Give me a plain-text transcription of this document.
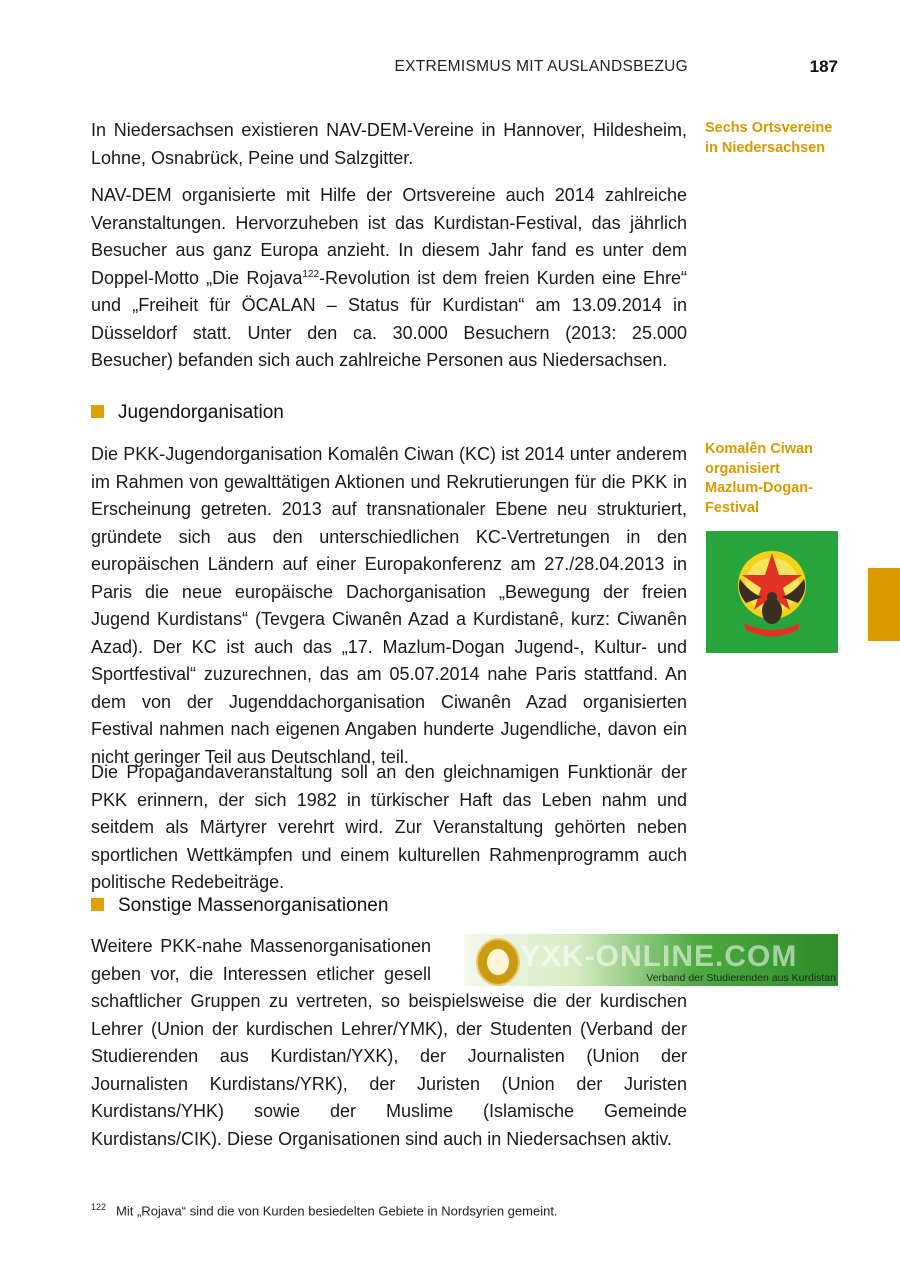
EXTREMISMUS MIT AUSLANDSBEZUG	187

In Niedersachsen existieren NAV-DEM-Vereine in Hannover, Hildesheim, Lohne, Osnabrück, Peine und Salzgitter.

NAV-DEM organisierte mit Hilfe der Ortsvereine auch 2014 zahlreiche Veranstaltungen. Hervorzuheben ist das Kurdistan-Festival, das jährlich Besucher aus ganz Europa anzieht. In diesem Jahr fand es unter dem Doppel-Motto „Die Rojava$^{122}$-Revolution ist dem freien Kurden eine Ehre“ und „Freiheit für ÖCALAN – Status für Kurdistan“ am 13.09.2014 in Düsseldorf statt. Unter den ca. 30.000 Besuchern (2013: 25.000 Besucher) befanden sich auch zahlreiche Personen aus Niedersachsen.

Jugendorganisation

Die PKK-Jugendorganisation Komalên Ciwan (KC) ist 2014 unter anderem im Rahmen von gewalttätigen Aktionen und Rekrutierungen für die PKK in Erscheinung getreten. 2013 auf transnationaler Ebene neu strukturiert, gründete sich aus den unterschiedlichen KC-Vertretungen in den europäischen Ländern auf einer Europakonferenz am 27./28.04.2013 in Paris die neue europäische Dachorganisation „Bewegung der freien Jugend Kurdistans“ (Tevgera Ciwanên Azad a Kurdistanê, kurz: Ciwanên Azad). Der KC ist auch das „17. Mazlum-Dogan Jugend-, Kultur- und Sportfestival“ zuzurechnen, das am 05.07.2014 nahe Paris stattfand. An dem von der Jugenddachorganisation Ciwanên Azad organisierten Festival nahmen nach eigenen Angaben hunderte Jugendliche, davon ein nicht geringer Teil aus Deutschland, teil.

Die Propagandaveranstaltung soll an den gleichnamigen Funktionär der PKK erinnern, der sich 1982 in türkischer Haft das Leben nahm und seitdem als Märtyrer verehrt wird. Zur Veranstaltung gehörten neben sportlichen Wettkämpfen und einem kulturellen Rahmenprogramm auch politische Redebeiträge.

Sonstige Massenorganisationen
Weitere PKK-nahe Massenorganisationen
geben vor, die Interessen etlicher gesell

schaftlicher Gruppen zu vertreten, so beispielsweise die der kurdischen Lehrer (Union der kurdischen Lehrer/YMK), der Studenten (Verband der Studierenden aus Kurdistan/YXK), der Journalisten (Union der Journalisten Kurdistans/YRK), der Juristen (Union der Juristen Kurdistans/YHK) sowie der Muslime (Islamische Gemeinde Kurdistans/CIK). Diese Organisationen sind auch in Niedersachsen aktiv.

Sechs Ortsvereine in Niedersachsen
Komalên Ciwan organisiert Mazlum-Dogan-Festival
YXK-ONLINE.COM
Verband der Studierenden aus Kurdistan
$^{122}$ Mit „Rojava“ sind die von Kurden besiedelten Gebiete in Nordsyrien gemeint.
